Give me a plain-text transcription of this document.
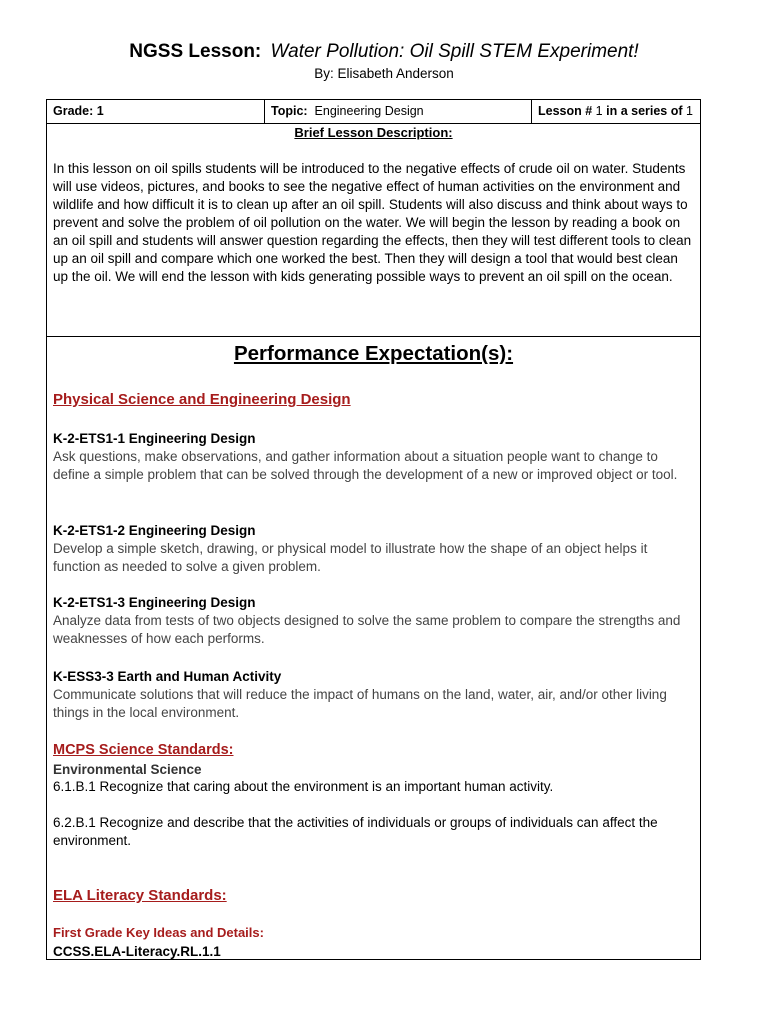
NGSS Lesson: Water Pollution: Oil Spill STEM Experiment!
By: Elisabeth Anderson
Grade: 1	Topic: Engineering Design	Lesson # 1 in a series of 1
Brief Lesson Description:
In this lesson on oil spills students will be introduced to the negative effects of crude oil on water. Students will use videos, pictures, and books to see the negative effect of human activities on the environment and wildlife and how difficult it is to clean up after an oil spill. Students will also discuss and think about ways to prevent and solve the problem of oil pollution on the water. We will begin the lesson by reading a book on an oil spill and students will answer question regarding the effects, then they will test different tools to clean up an oil spill and compare which one worked the best. Then they will design a tool that would best clean up the oil. We will end the lesson with kids generating possible ways to prevent an oil spill on the ocean.
Performance Expectation(s):
Physical Science and Engineering Design
K-2-ETS1-1 Engineering Design
Ask questions, make observations, and gather information about a situation people want to change to define a simple problem that can be solved through the development of a new or improved object or tool.
K-2-ETS1-2 Engineering Design
Develop a simple sketch, drawing, or physical model to illustrate how the shape of an object helps it function as needed to solve a given problem.
K-2-ETS1-3 Engineering Design
Analyze data from tests of two objects designed to solve the same problem to compare the strengths and weaknesses of how each performs.
K-ESS3-3 Earth and Human Activity
Communicate solutions that will reduce the impact of humans on the land, water, air, and/or other living things in the local environment.
MCPS Science Standards:
Environmental Science
6.1.B.1 Recognize that caring about the environment is an important human activity.
6.2.B.1 Recognize and describe that the activities of individuals or groups of individuals can affect the environment.
ELA Literacy Standards:
First Grade Key Ideas and Details:
CCSS.ELA-Literacy.RL.1.1
